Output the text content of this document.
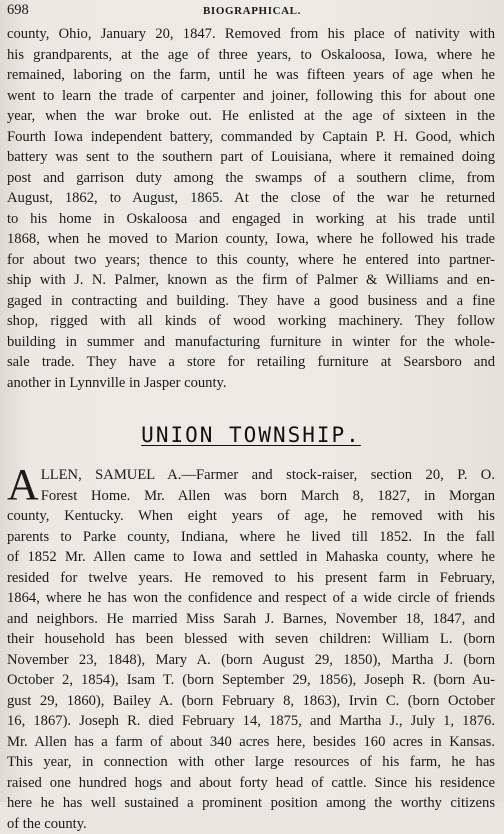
698	BIOGRAPHICAL.
county, Ohio, January 20, 1847. Removed from his place of nativity with
his grandparents, at the age of three years, to Oskaloosa, Iowa, where he
remained, laboring on the farm, until he was fifteen years of age when he
went to learn the trade of carpenter and joiner, following this for about one
year, when the war broke out. He enlisted at the age of sixteen in the
Fourth Iowa independent battery, commanded by Captain P. H. Good, which
battery was sent to the southern part of Louisiana, where it remained doing
post and garrison duty among the swamps of a southern clime, from
August, 1862, to August, 1865. At the close of the war he returned
to his home in Oskaloosa and engaged in working at his trade until
1868, when he moved to Marion county, Iowa, where he followed his trade
for about two years; thence to this county, where he entered into partner-
ship with J. N. Palmer, known as the firm of Palmer & Williams and en-
gaged in contracting and building. They have a good business and a fine
shop, rigged with all kinds of wood working machinery. They follow
building in summer and manufacturing furniture in winter for the whole-
sale trade. They have a store for retailing furniture at Searsboro and
another in Lynnville in Jasper county.
UNION TOWNSHIP.
A LLEN, SAMUEL A.—Farmer and stock-raiser, section 20, P. O.
Forest Home. Mr. Allen was born March 8, 1827, in Morgan
county, Kentucky. When eight years of age, he removed with his
parents to Parke county, Indiana, where he lived till 1852. In the fall
of 1852 Mr. Allen came to Iowa and settled in Mahaska county, where he
resided for twelve years. He removed to his present farm in February,
1864, where he has won the confidence and respect of a wide circle of friends
and neighbors. He married Miss Sarah J. Barnes, November 18, 1847, and
their household has been blessed with seven children: William L. (born
November 23, 1848), Mary A. (born August 29, 1850), Martha J. (born
October 2, 1854), Isam T. (born September 29, 1856), Joseph R. (born Au-
gust 29, 1860), Bailey A. (born February 8, 1863), Irvin C. (born October
16, 1867). Joseph R. died February 14, 1875, and Martha J., July 1, 1876.
Mr. Allen has a farm of about 340 acres here, besides 160 acres in Kansas.
This year, in connection with other large resources of his farm, he has
raised one hundred hogs and about forty head of cattle. Since his residence
here he has well sustained a prominent position among the worthy citizens
of the county.
